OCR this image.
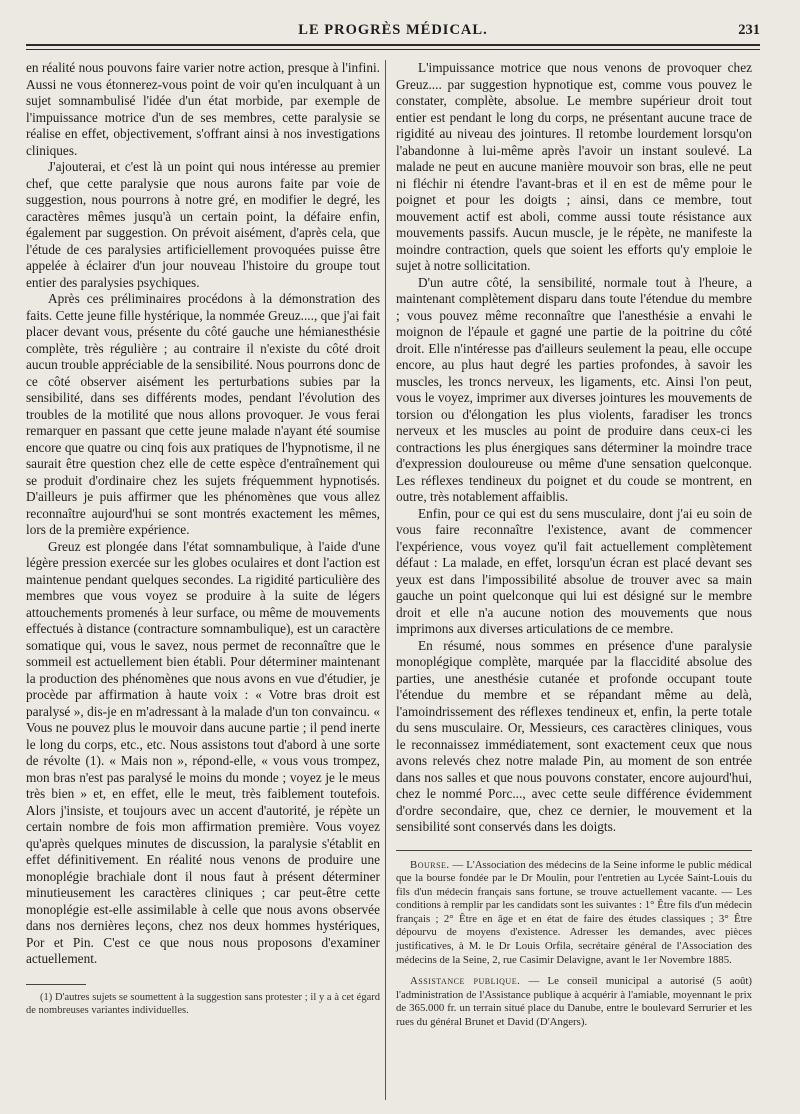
LE PROGRÈS MÉDICAL.	231

en réalité nous pouvons faire varier notre action, presque à l'infini. Aussi ne vous étonnerez-vous point de voir qu'en inculquant à un sujet somnambulisé l'idée d'un état morbide, par exemple de l'impuissance motrice d'un de ses membres, cette paralysie se réalise en effet, objectivement, s'offrant ainsi à nos investigations cliniques.

J'ajouterai, et c'est là un point qui nous intéresse au premier chef, que cette paralysie que nous aurons faite par voie de suggestion, nous pourrons à notre gré, en modifier le degré, les caractères mêmes jusqu'à un certain point, la défaire enfin, également par suggestion. On prévoit aisément, d'après cela, que l'étude de ces paralysies artificiellement provoquées puisse être appelée à éclairer d'un jour nouveau l'histoire du groupe tout entier des paralysies psychiques.

Après ces préliminaires procédons à la démonstration des faits. Cette jeune fille hystérique, la nommée Greuz...., que j'ai fait placer devant vous, présente du côté gauche une hémianesthésie complète, très régulière ; au contraire il n'existe du côté droit aucun trouble appréciable de la sensibilité. Nous pourrons donc de ce côté observer aisément les perturbations subies par la sensibilité, dans ses différents modes, pendant l'évolution des troubles de la motilité que nous allons provoquer. Je vous ferai remarquer en passant que cette jeune malade n'ayant été soumise encore que quatre ou cinq fois aux pratiques de l'hypnotisme, il ne saurait être question chez elle de cette espèce d'entraînement qui se produit d'ordinaire chez les sujets fréquemment hypnotisés. D'ailleurs je puis affirmer que les phénomènes que vous allez reconnaître aujourd'hui se sont montrés exactement les mêmes, lors de la première expérience.

Greuz est plongée dans l'état somnambulique, à l'aide d'une légère pression exercée sur les globes oculaires et dont l'action est maintenue pendant quelques secondes. La rigidité particulière des membres que vous voyez se produire à la suite de légers attouchements promenés à leur surface, ou même de mouvements effectués à distance (contracture somnambulique), est un caractère somatique qui, vous le savez, nous permet de reconnaître que le sommeil est actuellement bien établi. Pour déterminer maintenant la production des phénomènes que nous avons en vue d'étudier, je procède par affirmation à haute voix : « Votre bras droit est paralysé », dis-je en m'adressant à la malade d'un ton convaincu. « Vous ne pouvez plus le mouvoir dans aucune partie ; il pend inerte le long du corps, etc., etc. Nous assistons tout d'abord à une sorte de révolte (1). « Mais non », répond-elle, « vous vous trompez, mon bras n'est pas paralysé le moins du monde ; voyez je le meus très bien » et, en effet, elle le meut, très faiblement toutefois. Alors j'insiste, et toujours avec un accent d'autorité, je répète un certain nombre de fois mon affirmation première. Vous voyez qu'après quelques minutes de discussion, la paralysie s'établit en effet définitivement. En réalité nous venons de produire une monoplégie brachiale dont il nous faut à présent déterminer minutieusement les caractères cliniques ; car peut-être cette monoplégie est-elle assimilable à celle que nous avons observée dans nos dernières leçons, chez nos deux hommes hystériques, Por et Pin. C'est ce que nous nous proposons d'examiner actuellement.

(1) D'autres sujets se soumettent à la suggestion sans protester ; il y a à cet égard de nombreuses variantes individuelles.

L'impuissance motrice que nous venons de provoquer chez Greuz.... par suggestion hypnotique est, comme vous pouvez le constater, complète, absolue. Le membre supérieur droit tout entier est pendant le long du corps, ne présentant aucune trace de rigidité au niveau des jointures. Il retombe lourdement lorsqu'on l'abandonne à lui-même après l'avoir un instant soulevé. La malade ne peut en aucune manière mouvoir son bras, elle ne peut ni fléchir ni étendre l'avant-bras et il en est de même pour le poignet et pour les doigts ; ainsi, dans ce membre, tout mouvement actif est aboli, comme aussi toute résistance aux mouvements passifs. Aucun muscle, je le répète, ne manifeste la moindre contraction, quels que soient les efforts qu'y emploie le sujet à notre sollicitation.

D'un autre côté, la sensibilité, normale tout à l'heure, a maintenant complètement disparu dans toute l'étendue du membre ; vous pouvez même reconnaître que l'anesthésie a envahi le moignon de l'épaule et gagné une partie de la poitrine du côté droit. Elle n'intéresse pas d'ailleurs seulement la peau, elle occupe encore, au plus haut degré les parties profondes, à savoir les muscles, les troncs nerveux, les ligaments, etc. Ainsi l'on peut, vous le voyez, imprimer aux diverses jointures les mouvements de torsion ou d'élongation les plus violents, faradiser les troncs nerveux et les muscles au point de produire dans ceux-ci les contractions les plus énergiques sans déterminer la moindre trace d'expression douloureuse ou même d'une sensation quelconque. Les réflexes tendineux du poignet et du coude se montrent, en outre, très notablement affaiblis.

Enfin, pour ce qui est du sens musculaire, dont j'ai eu soin de vous faire reconnaître l'existence, avant de commencer l'expérience, vous voyez qu'il fait actuellement complètement défaut : La malade, en effet, lorsqu'un écran est placé devant ses yeux est dans l'impossibilité absolue de trouver avec sa main gauche un point quelconque qui lui est désigné sur le membre droit et elle n'a aucune notion des mouvements que nous imprimons aux diverses articulations de ce membre.

En résumé, nous sommes en présence d'une paralysie monoplégique complète, marquée par la flaccidité absolue des parties, une anesthésie cutanée et profonde occupant toute l'étendue du membre et se répandant même au delà, l'amoindrissement des réflexes tendineux et, enfin, la perte totale du sens musculaire. Or, Messieurs, ces caractères cliniques, vous le reconnaissez immédiatement, sont exactement ceux que nous avons relevés chez notre malade Pin, au moment de son entrée dans nos salles et que nous pouvons constater, encore aujourd'hui, chez le nommé Porc..., avec cette seule différence évidemment d'ordre secondaire, que, chez ce dernier, le mouvement et la sensibilité sont conservés dans les doigts.

Bourse. — L'Association des médecins de la Seine informe le public médical que la bourse fondée par le Dr Moulin, pour l'entretien au Lycée Saint-Louis du fils d'un médecin français sans fortune, se trouve actuellement vacante. — Les conditions à remplir par les candidats sont les suivantes : 1° Être fils d'un médecin français ; 2° Être en âge et en état de faire des études classiques ; 3° Être dépourvu de moyens d'existence. Adresser les demandes, avec pièces justificatives, à M. le Dr Louis Orfila, secrétaire général de l'Association des médecins de la Seine, 2, rue Casimir Delavigne, avant le 1er Novembre 1885.

Assistance publique. — Le conseil municipal a autorisé (5 août) l'administration de l'Assistance publique à acquérir à l'amiable, moyennant le prix de 365.000 fr. un terrain situé place du Danube, entre le boulevard Serrurier et les rues du général Brunet et David (D'Angers).
